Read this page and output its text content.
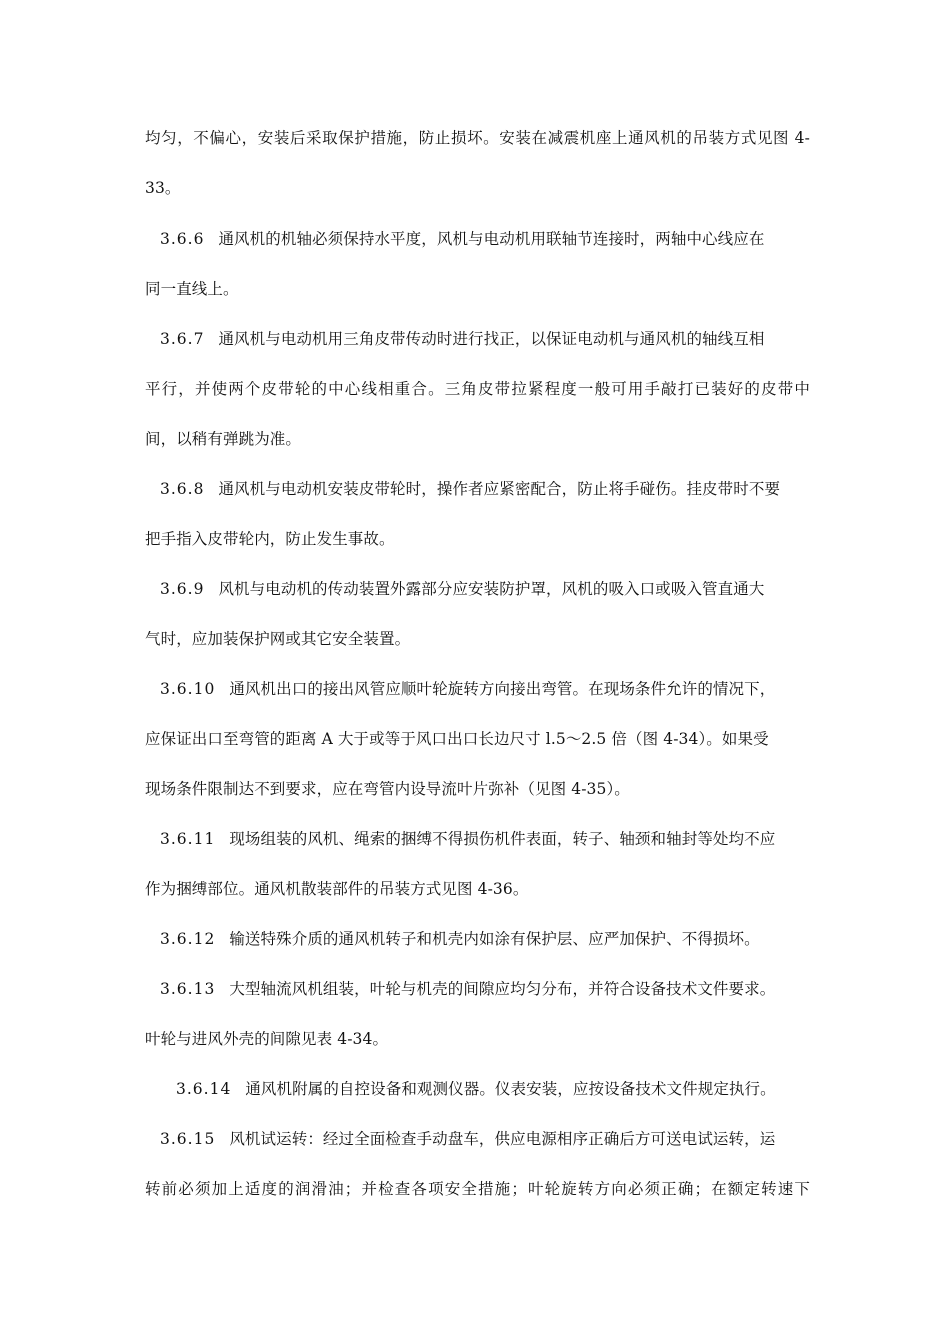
均匀，不偏心，安装后采取保护措施，防止损坏。安装在减震机座上通风机的吊装方式见图 4-
33。
3.6.6 通风机的机轴必须保持水平度，风机与电动机用联轴节连接时，两轴中心线应在
同一直线上。
3.6.7 通风机与电动机用三角皮带传动时进行找正，以保证电动机与通风机的轴线互相
平行，并使两个皮带轮的中心线相重合。三角皮带拉紧程度一般可用手敲打已装好的皮带中
间，以稍有弹跳为准。
3.6.8 通风机与电动机安装皮带轮时，操作者应紧密配合，防止将手碰伤。挂皮带时不要
把手指入皮带轮内，防止发生事故。
3.6.9 风机与电动机的传动装置外露部分应安装防护罩，风机的吸入口或吸入管直通大
气时，应加装保护网或其它安全装置。
3.6.10 通风机出口的接出风管应顺叶轮旋转方向接出弯管。在现场条件允许的情况下，
应保证出口至弯管的距离 A 大于或等于风口出口长边尺寸 l.5～2.5 倍（图 4-34）。如果受
现场条件限制达不到要求，应在弯管内设导流叶片弥补（见图 4-35）。
3.6.11 现场组装的风机、绳索的捆缚不得损伤机件表面，转子、轴颈和轴封等处均不应
作为捆缚部位。通风机散装部件的吊装方式见图 4-36。
3.6.12 输送特殊介质的通风机转子和机壳内如涂有保护层、应严加保护、不得损坏。
3.6.13 大型轴流风机组装，叶轮与机壳的间隙应均匀分布，并符合设备技术文件要求。
叶轮与进风外壳的间隙见表 4-34。
3.6.14 通风机附属的自控设备和观测仪器。仪表安装，应按设备技术文件规定执行。
3.6.15 风机试运转：经过全面检查手动盘车，供应电源相序正确后方可送电试运转，运
转前必须加上适度的润滑油；并检查各项安全措施；叶轮旋转方向必须正确；在额定转速下
